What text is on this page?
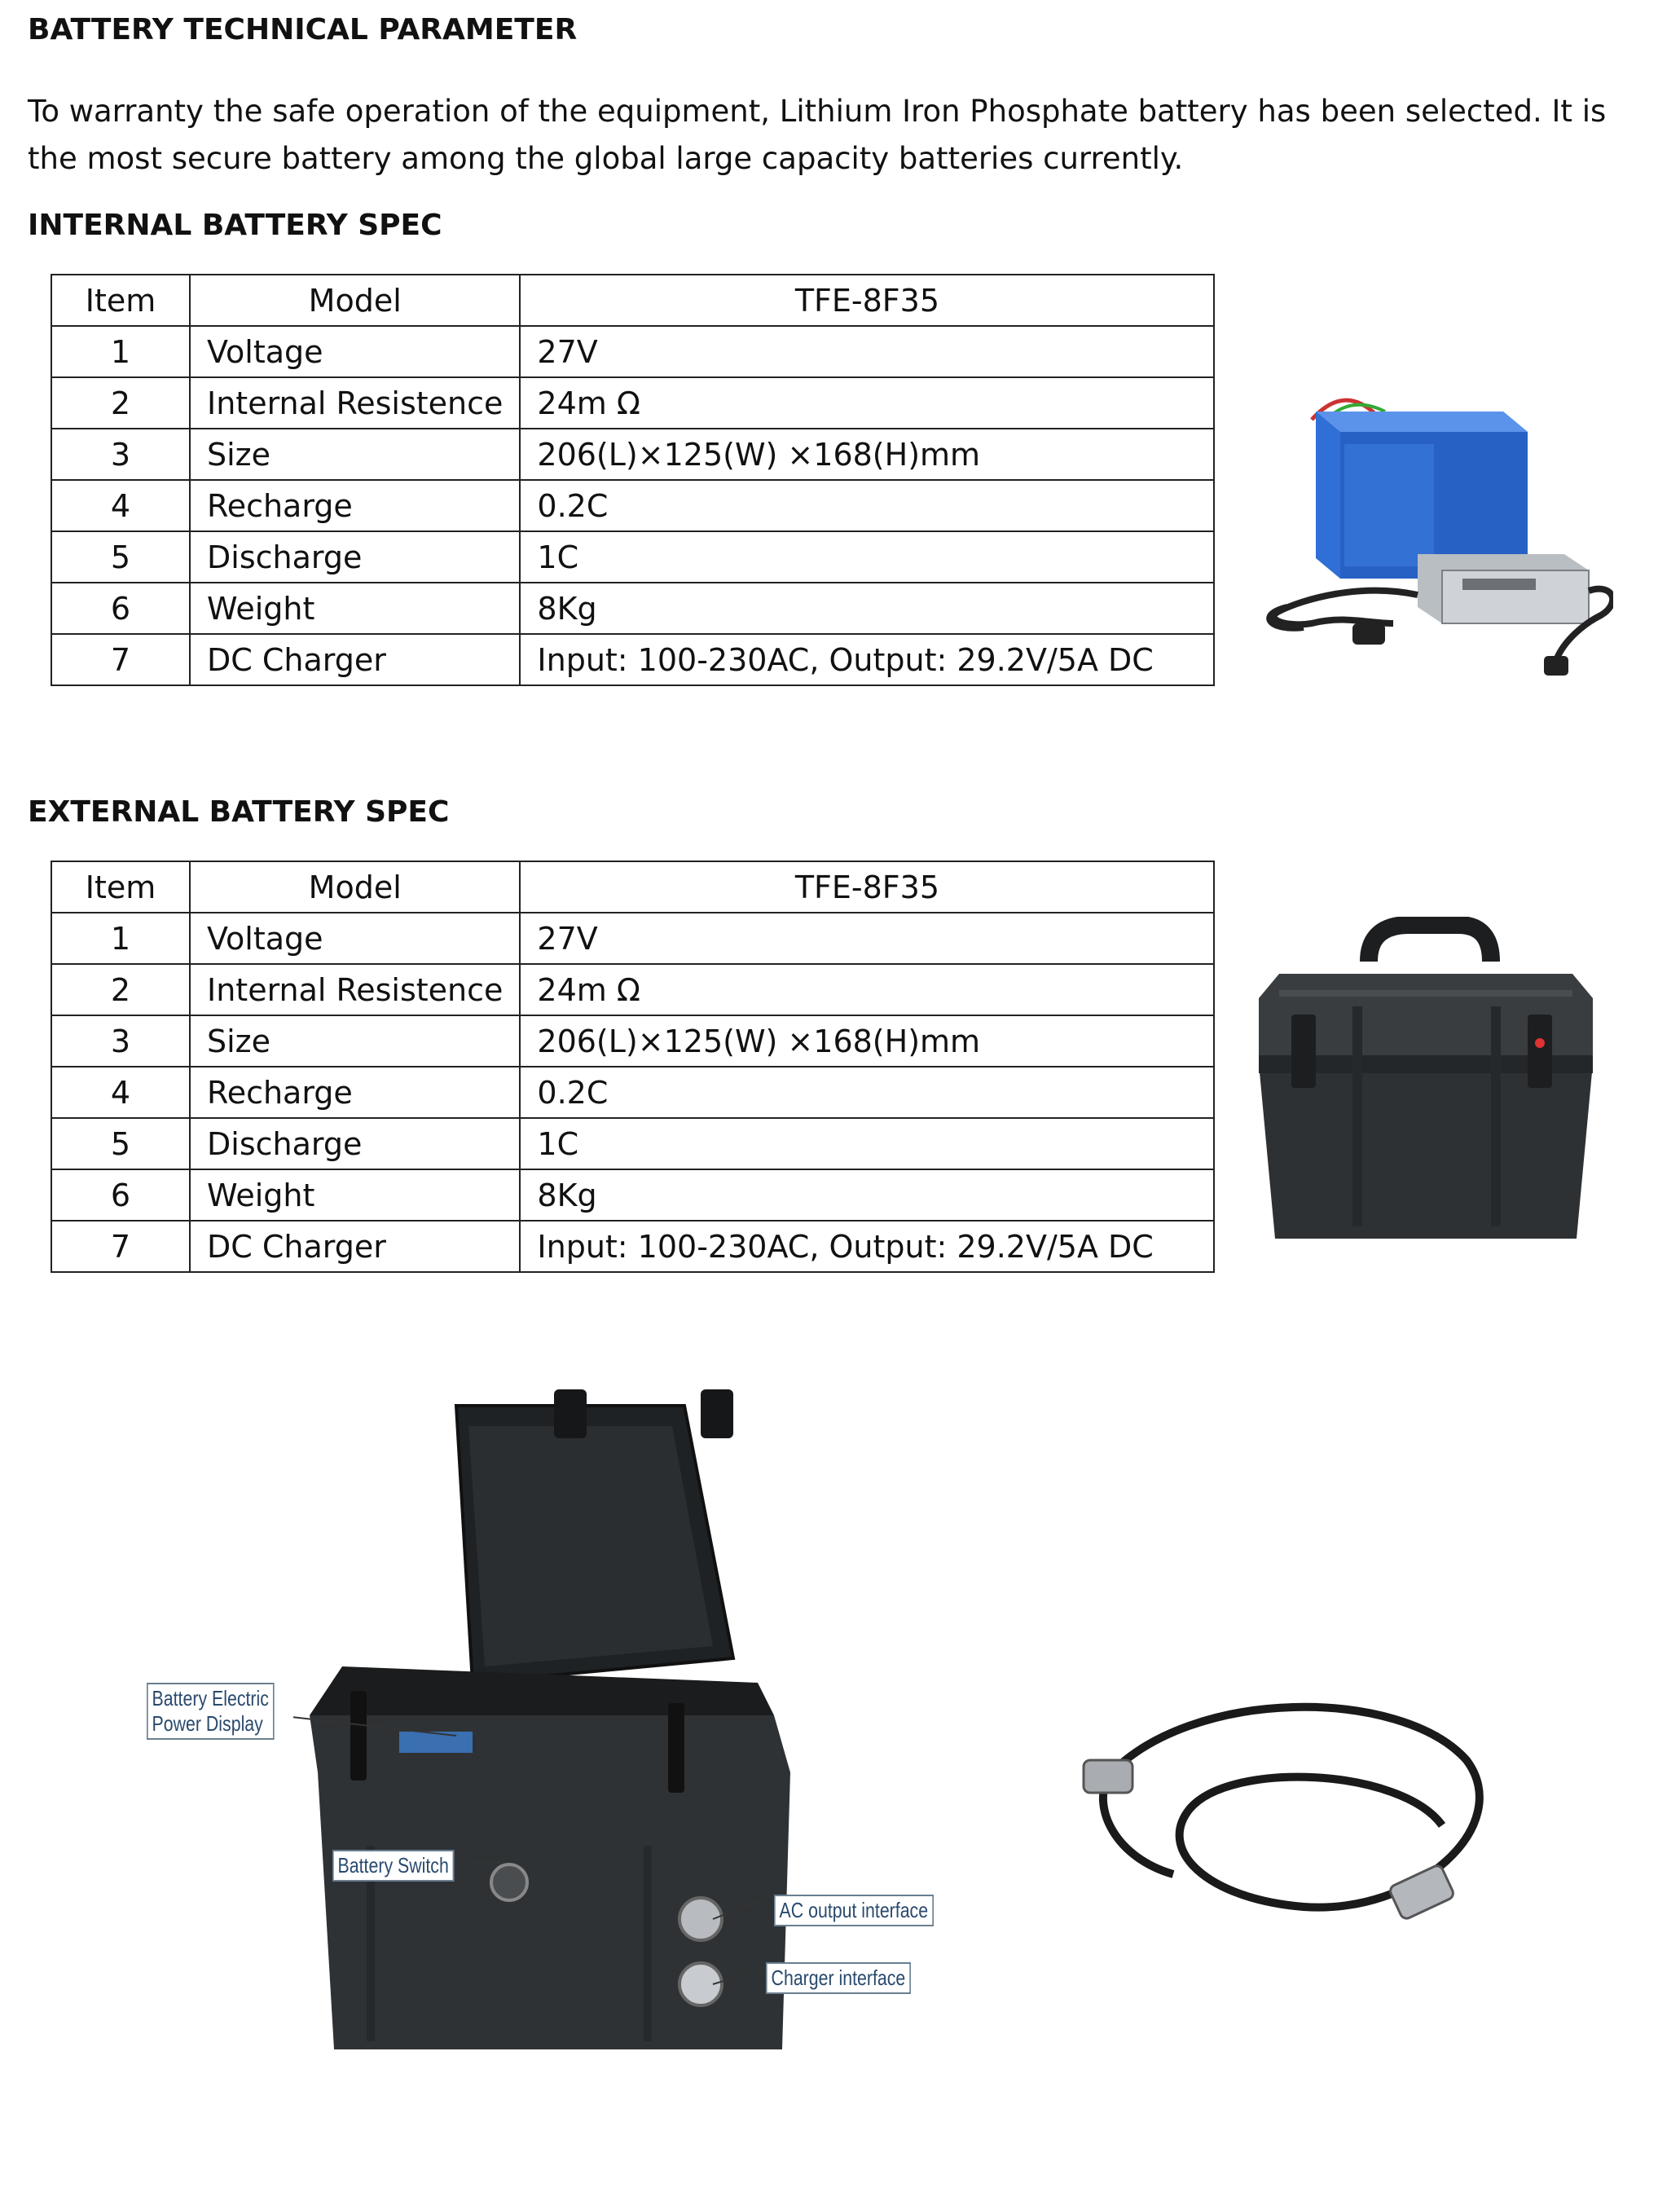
BATTERY TECHNICAL PARAMETER
To warranty the safe operation of the equipment, Lithium Iron Phosphate battery has been selected. It is the most secure battery among the global large capacity batteries currently.
INTERNAL BATTERY SPEC
Item	Model	TFE-8F35
1	Voltage	27V
2	Internal Resistence	24m Ω
3	Size	206(L)×125(W) ×168(H)mm
4	Recharge	0.2C
5	Discharge	1C
6	Weight	8Kg
7	DC Charger	Input: 100-230AC, Output: 29.2V/5A DC
EXTERNAL BATTERY SPEC
Item	Model	TFE-8F35
1	Voltage	27V
2	Internal Resistence	24m Ω
3	Size	206(L)×125(W) ×168(H)mm
4	Recharge	0.2C
5	Discharge	1C
6	Weight	8Kg
7	DC Charger	Input: 100-230AC, Output: 29.2V/5A DC
Battery Electric
Power Display
Battery Switch
AC output interface
Charger interface
